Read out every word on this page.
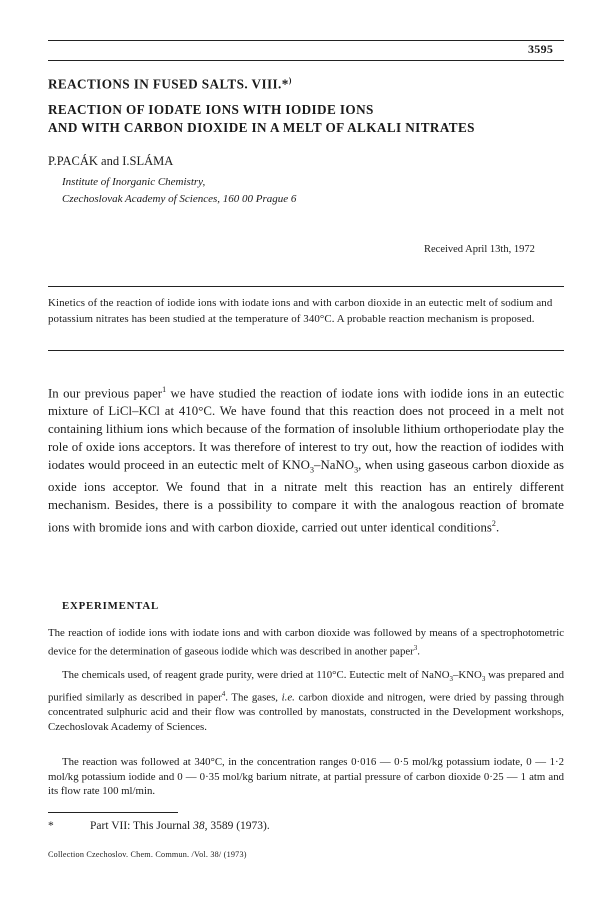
3595
REACTIONS IN FUSED SALTS. VIII.*)
REACTION OF IODATE IONS WITH IODIDE IONS
AND WITH CARBON DIOXIDE IN A MELT OF ALKALI NITRATES
P.PACÁK and I.SLÁMA
Institute of Inorganic Chemistry,
Czechoslovak Academy of Sciences, 160 00 Prague 6
Received April 13th, 1972
Kinetics of the reaction of iodide ions with iodate ions and with carbon dioxide in an eutectic melt of sodium and potassium nitrates has been studied at the temperature of 340°C. A probable reaction mechanism is proposed.
In our previous paper$^1$ we have studied the reaction of iodate ions with iodide ions in an eutectic mixture of LiCl–KCl at 410°C. We have found that this reaction does not proceed in a melt not containing lithium ions which because of the formation of insoluble lithium orthoperiodate play the role of oxide ions acceptors. It was therefore of interest to try out, how the reaction of iodides with iodates would proceed in an eutectic melt of $KNO_3-NaNO_3$, when using gaseous carbon dioxide as oxide ions acceptor. We found that in a nitrate melt this reaction has an entirely different mechanism. Besides, there is a possibility to compare it with the analogous reaction of bromate ions with bromide ions and with carbon dioxide, carried out unter identical conditions$^2$.
EXPERIMENTAL
The reaction of iodide ions with iodate ions and with carbon dioxide was followed by means of a spectrophotometric device for the determination of gaseous iodide which was described in another paper$^3$.
The chemicals used, of reagent grade purity, were dried at 110°C. Eutectic melt of $NaNO_3-KNO_3$ was prepared and purified similarly as described in paper$^4$. The gases, i.e. carbon dioxide and nitrogen, were dried by passing through concentrated sulphuric acid and their flow was controlled by manostats, constructed in the Development workshops, Czechoslovak Academy of Sciences.
The reaction was followed at 340°C, in the concentration ranges 0·016 — 0·5 mol/kg potassium iodate, 0 — 1·2 mol/kg potassium iodide and 0 — 0·35 mol/kg barium nitrate, at partial pressure of carbon dioxide 0·25 — 1 atm and its flow rate 100 ml/min.
*	Part VII: This Journal 38, 3589 (1973).
Collection Czechoslov. Chem. Commun. /Vol. 38/ (1973)
